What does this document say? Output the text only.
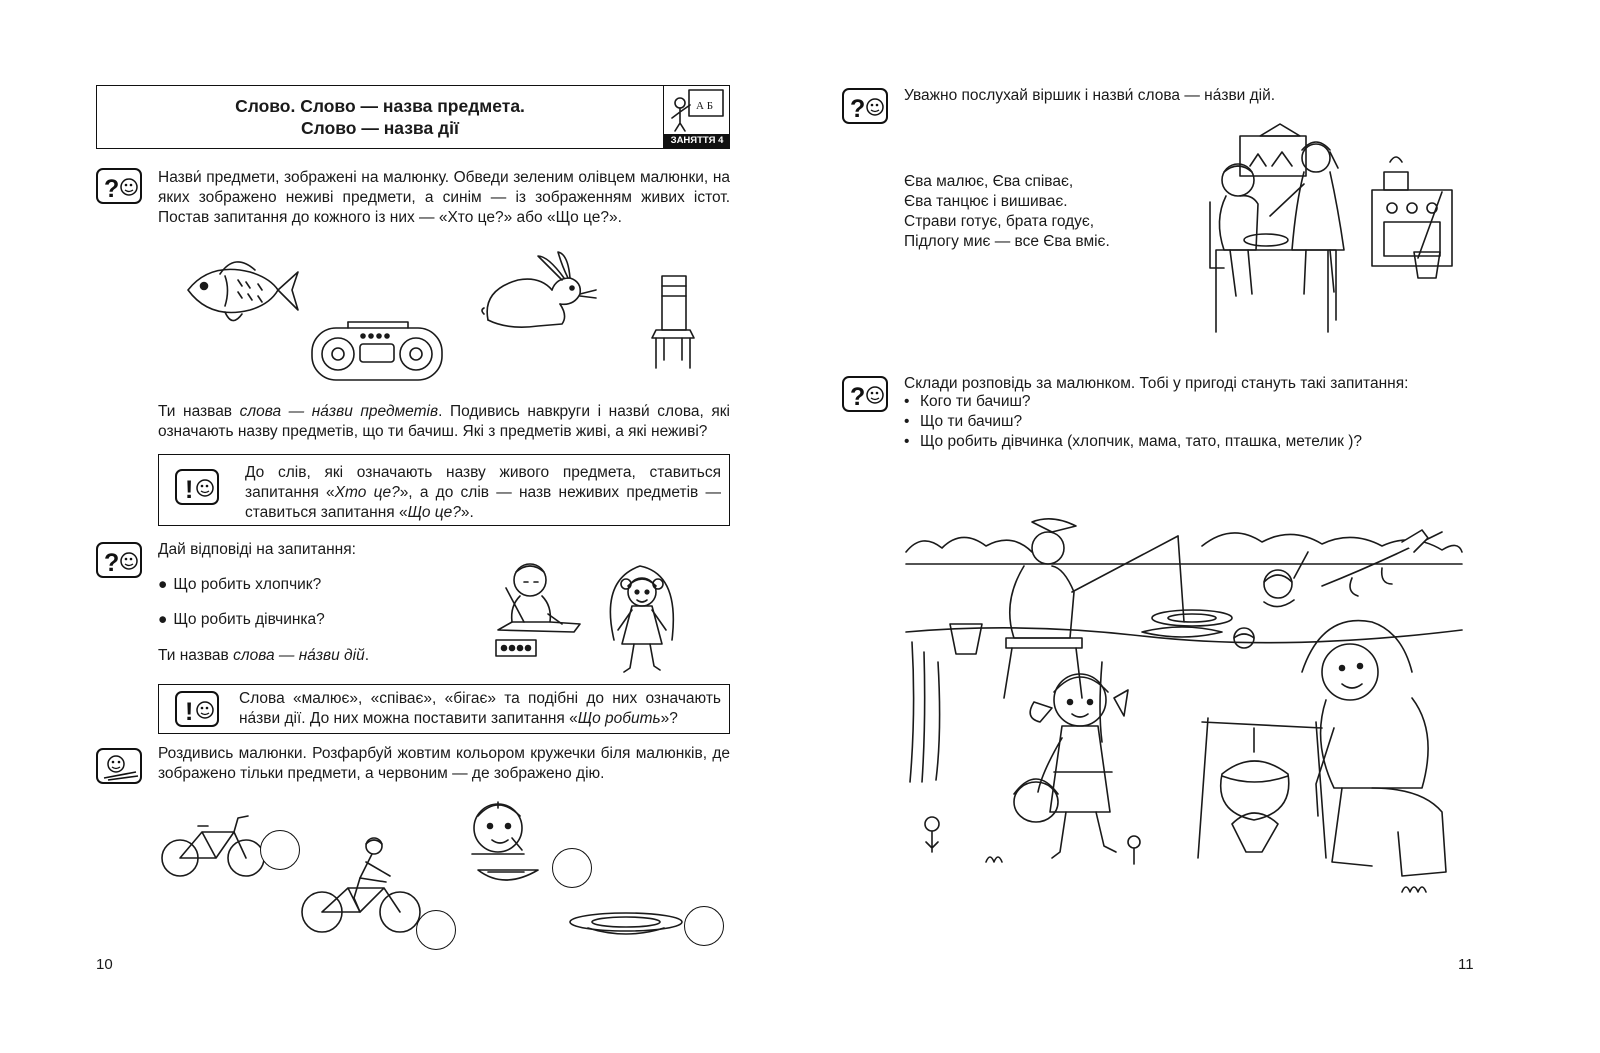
Слово. Слово — назва предмета.
Слово — назва дії
А Б
ЗАНЯТТЯ 4
? Назви́ предмети, зображені на малюнку. Обведи зеленим олівцем малюнки, на яких зображено неживі предмети, а синім — із зображенням живих істот. Постав запитання до кожного із них — «Хто це?» або «Що це?».
Ти назвав слова — на́зви предметів. Подивись навкруги і назви́ слова, які означають назву предметів, що ти бачиш. Які з предметів живі, а які неживі?
!
До слів, які означають назву живого предмета, ставиться запитання «Хто це?», а до слів — назв неживих предметів — ставиться запитання «Що це?».
? Дай відповіді на запитання:
● Що робить хлопчик?
● Що робить дівчинка?
Ти назвав слова — на́зви дій.
!	Слова «малює», «співає», «бігає» та подібні до них означають на́зви дії. До них можна поставити запитання «Що робить»?
Роздивись малюнки. Розфарбуй жовтим кольором кружечки біля малюнків, де зображено тільки предмети, а червоним — де зображено дію.
10
? Уважно послухай віршик і назви́ слова — на́зви дій.
Єва малює, Єва співає,
Єва танцює і вишиває.
Страви готує, брата годує,
Підлогу миє — все Єва вміє.
? Склади розповідь за малюнком. Тобі у пригоді стануть такі запитання:
• Кого ти бачиш?
• Що ти бачиш?
• Що робить дівчинка (хлопчик, мама, тато, пташка, метелик )?
11
